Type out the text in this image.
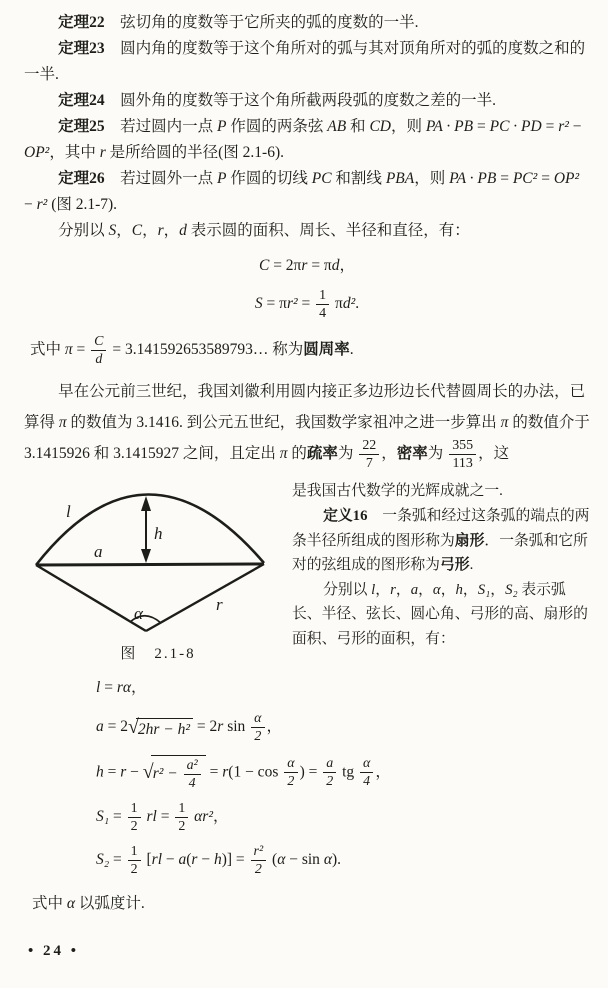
定理22　弦切角的度数等于它所夹的弧的度数的一半.

定理23　圆内角的度数等于这个角所对的弧与其对顶角所对的弧的度数之和的一半.

定理24　圆外角的度数等于这个角所截两段弧的度数之差的一半.

定理25　若过圆内一点 P 作圆的两条弦 AB 和 CD，则 PA · PB = PC · PD = r² − OP²，其中 r 是所给圆的半径(图 2.1-6).

定理26　若过圆外一点 P 作圆的切线 PC 和割线 PBA，则 PA · PB = PC² = OP² − r² (图 2.1-7).

分别以 S，C，r，d 表示圆的面积、周长、半径和直径，有：

C = 2πr = πd，

$S = \pi r^2 = \frac{1}{4} \pi d^2$.

式中 $\pi = \frac{C}{d}$ = 3.141592653589793… 称为圆周率.

早在公元前三世纪，我国刘徽利用圆内接正多边形边长代替圆周长的办法，已算得 π 的数值为 3.1416. 到公元五世纪，我国数学家祖冲之进一步算出 π 的数值介于 3.1415926 和 3.1415927 之间，且定出 π 的疏率为 $\frac{22}{7}$ ，密率为 $\frac{355}{113}$ ，这

l
a
h
r
α
图　2.1-8

是我国古代数学的光辉成就之一.

定义16　一条弧和经过这条弧的端点的两条半径所组成的图形称为扇形．一条弧和它所对的弦组成的图形称为弓形.

分别以 l，r，a，α，h，S₁，S₂ 表示弧长、半径、弦长、圆心角、弓形的高、扇形的面积、弓形的面积，有：

l = rα，

a = 2√2hr − h² = 2r $\sin \frac{\alpha}{2}$ ，

$h = r - √r^2 - \frac{\text{a²}}{4} = r(1 - \cos \frac{\alpha}{2}$ ) = $\frac{a}{2}$ tg $\frac{\alpha}{4}$ ，

$S_1 = \frac{1}{2}$ rl = $\frac{1}{2} \alpha r^2$，

$S_2 = \frac{1}{2} [rl - a(r - h)] = \frac{\text{r²}}{2} (\alpha - \sin \alpha)$.

式中 α 以弧度计.

• 24 •
